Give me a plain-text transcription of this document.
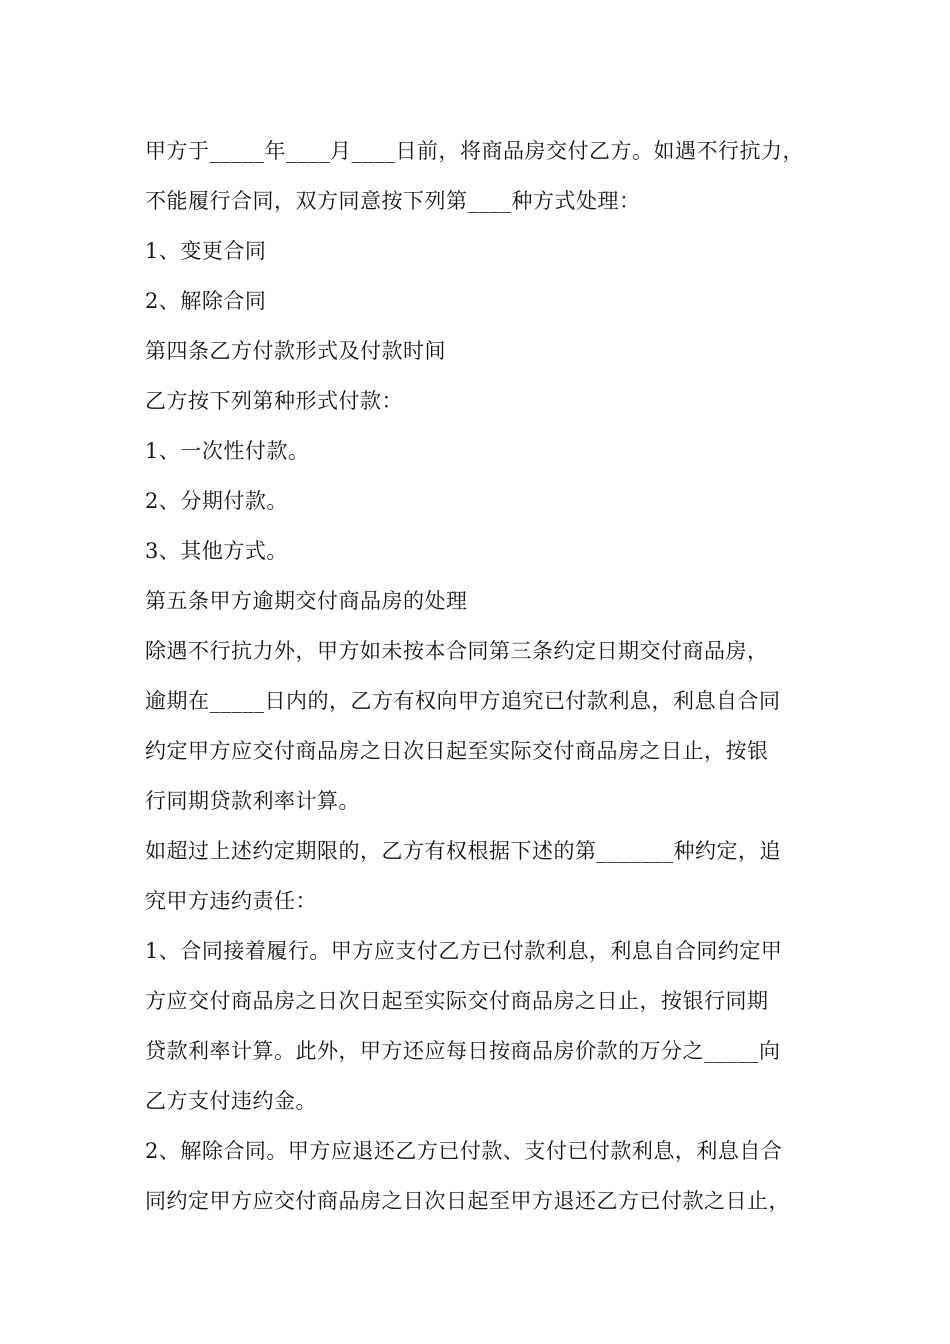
甲方于_____年____月____日前，将商品房交付乙方。如遇不行抗力，

不能履行合同，双方同意按下列第____种方式处理：

1、变更合同

2、解除合同

第四条乙方付款形式及付款时间

乙方按下列第种形式付款：

1、一次性付款。

2、分期付款。

3、其他方式。

第五条甲方逾期交付商品房的处理

除遇不行抗力外，甲方如未按本合同第三条约定日期交付商品房，

逾期在_____日内的，乙方有权向甲方追究已付款利息，利息自合同

约定甲方应交付商品房之日次日起至实际交付商品房之日止，按银

行同期贷款利率计算。

如超过上述约定期限的，乙方有权根据下述的第_______种约定，追

究甲方违约责任：

1、合同接着履行。甲方应支付乙方已付款利息，利息自合同约定甲

方应交付商品房之日次日起至实际交付商品房之日止，按银行同期

贷款利率计算。此外，甲方还应每日按商品房价款的万分之_____向

乙方支付违约金。

2、解除合同。甲方应退还乙方已付款、支付已付款利息，利息自合

同约定甲方应交付商品房之日次日起至甲方退还乙方已付款之日止，
